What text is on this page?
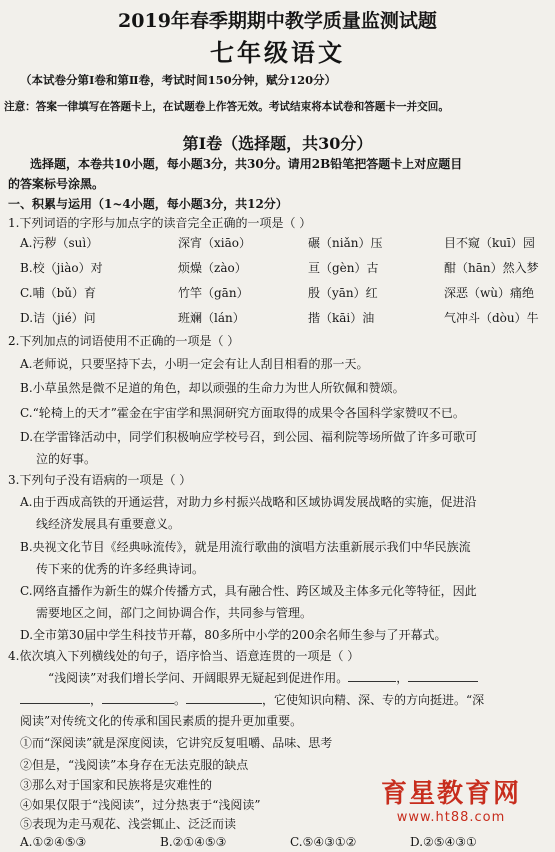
2019年春季期期中教学质量监测试题
七年级语文
（本试卷分第Ⅰ卷和第Ⅱ卷，考试时间150分钟，赋分120分）
注意：答案一律填写在答题卡上，在试题卷上作答无效。考试结束将本试卷和答题卡一并交回。
第Ⅰ卷（选择题，共30分）
选择题，本卷共10小题，每小题3分，共30分。请用2B铅笔把答题卡上对应题目
的答案标号涂黑。
一、积累与运用（1~4小题，每小题3分，共12分）
1.下列词语的字形与加点字的读音完全正确的一项是（ ）
A.污秽（suì）	深宵（xiāo）	碾（niǎn）压	目不窥（kuī）园
B.校（jiào）对	烦燥（zào）	亘（gèn）古	酣（hān）然入梦
C.哺（bǔ）育	竹竿（gān）	殷（yān）红	深恶（wù）痛绝
D.诘（jié）问	班斓（lán）	揩（kāi）油	气冲斗（dòu）牛
2.下列加点的词语使用不正确的一项是（ ）
A.老师说，只要坚持下去，小明一定会有让人刮目相看的那一天。
B.小草虽然是微不足道的角色，却以顽强的生命力为世人所钦佩和赞颂。
C.“轮椅上的天才”霍金在宇宙学和黑洞研究方面取得的成果令各国科学家赞叹不已。
D.在学雷锋活动中，同学们积极响应学校号召，到公园、福利院等场所做了许多可歌可
泣的好事。
3.下列句子没有语病的一项是（ ）
A.由于西成高铁的开通运营，对助力乡村振兴战略和区域协调发展战略的实施，促进沿
线经济发展具有重要意义。
B.央视文化节目《经典咏流传》，就是用流行歌曲的演唱方法重新展示我们中华民族流
传下来的优秀的许多经典诗词。
C.网络直播作为新生的媒介传播方式，具有融合性、跨区域及主体多元化等特征，因此
需要地区之间，部门之间协调合作，共同参与管理。
D.全市第30届中学生科技节开幕，80多所中小学的200余名师生参与了开幕式。
4.依次填入下列横线处的句子，语序恰当、语意连贯的一项是（ ）
“浅阅读”对我们增长学问、开阔眼界无疑起到促进作用。	，
，	。	，它使知识向精、深、专的方向挺进。“深
阅读”对传统文化的传承和国民素质的提升更加重要。
①而“深阅读”就是深度阅读，它讲究反复咀嚼、品味、思考
②但是，“浅阅读”本身存在无法克服的缺点
③那么对于国家和民族将是灾难性的
④如果仅限于“浅阅读”，过分热衷于“浅阅读”
⑤表现为走马观花、浅尝辄止、泛泛而读
A.①②④⑤③	B.②①④⑤③	C.⑤④③①②	D.②⑤④③①
育星教育网
www.ht88.com
